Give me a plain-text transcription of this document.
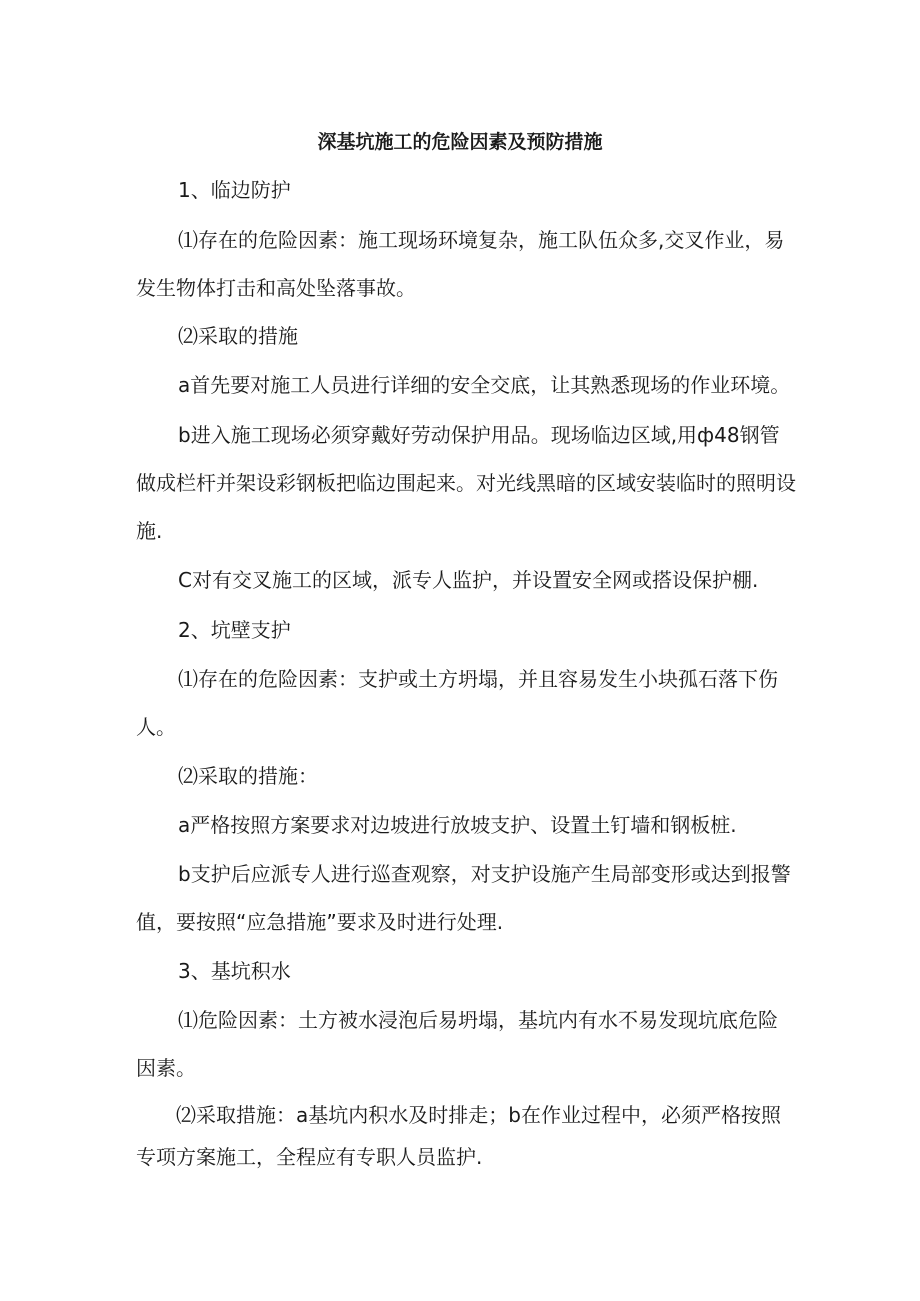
深基坑施工的危险因素及预防措施

1、临边防护

⑴存在的危险因素：施工现场环境复杂，施工队伍众多,交叉作业，易

发生物体打击和高处坠落事故。

⑵采取的措施

a首先要对施工人员进行详细的安全交底，让其熟悉现场的作业环境。

b进入施工现场必须穿戴好劳动保护用品。现场临边区域,用ф48钢管

做成栏杆并架设彩钢板把临边围起来。对光线黑暗的区域安装临时的照明设

施.

C对有交叉施工的区域，派专人监护，并设置安全网或搭设保护棚.

2、坑壁支护

⑴存在的危险因素：支护或土方坍塌，并且容易发生小块孤石落下伤

人。

⑵采取的措施：

a严格按照方案要求对边坡进行放坡支护、设置土钉墙和钢板桩.

b支护后应派专人进行巡查观察，对支护设施产生局部变形或达到报警

值，要按照“应急措施”要求及时进行处理.

3、基坑积水

⑴危险因素：土方被水浸泡后易坍塌，基坑内有水不易发现坑底危险

因素。

⑵采取措施：a基坑内积水及时排走；b在作业过程中，必须严格按照

专项方案施工，全程应有专职人员监护.
